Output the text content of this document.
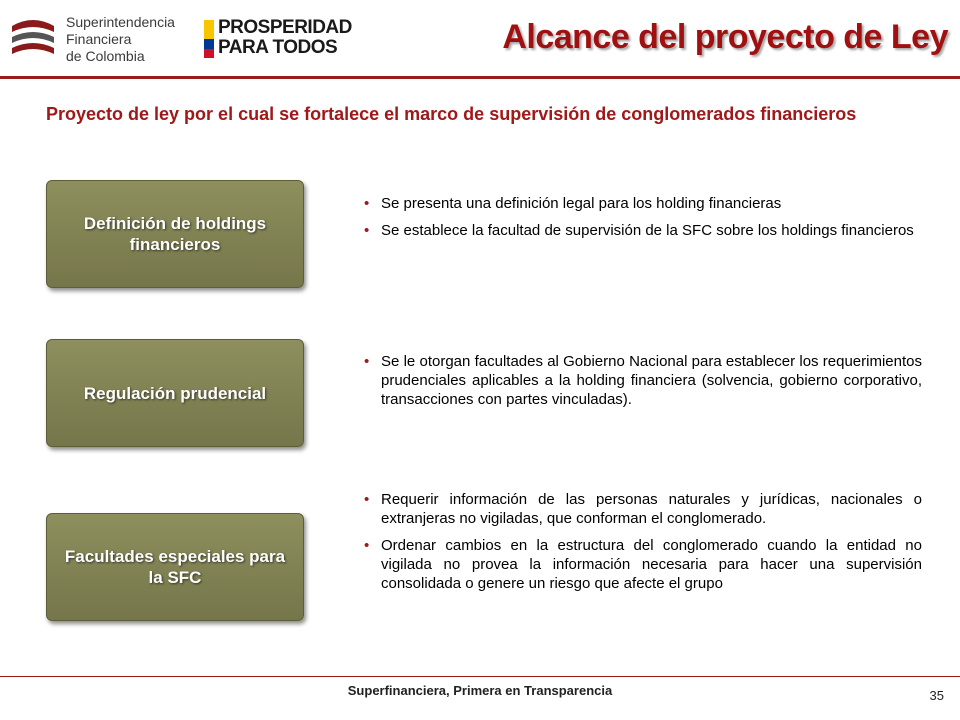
Superintendencia
Financiera
de Colombia
PROSPERIDAD
PARA TODOS	Alcance del proyecto de Ley
Proyecto de ley por el cual se fortalece el marco de supervisión de conglomerados financieros
Definición de holdings financieros
• Se presenta una definición legal para los holding financieras
• Se establece la facultad de supervisión de la SFC sobre los holdings financieros
Regulación prudencial
• Se le otorgan facultades al Gobierno Nacional para establecer los requerimientos prudenciales aplicables a la holding financiera (solvencia, gobierno corporativo, transacciones con partes vinculadas).
Facultades especiales para la SFC
• Requerir información de las personas naturales y jurídicas, nacionales o extranjeras no vigiladas, que conforman el conglomerado.
• Ordenar cambios en la estructura del conglomerado cuando la entidad no vigilada no provea la información necesaria para hacer una supervisión consolidada o genere un riesgo que afecte el grupo
Superfinanciera, Primera en Transparencia	35
